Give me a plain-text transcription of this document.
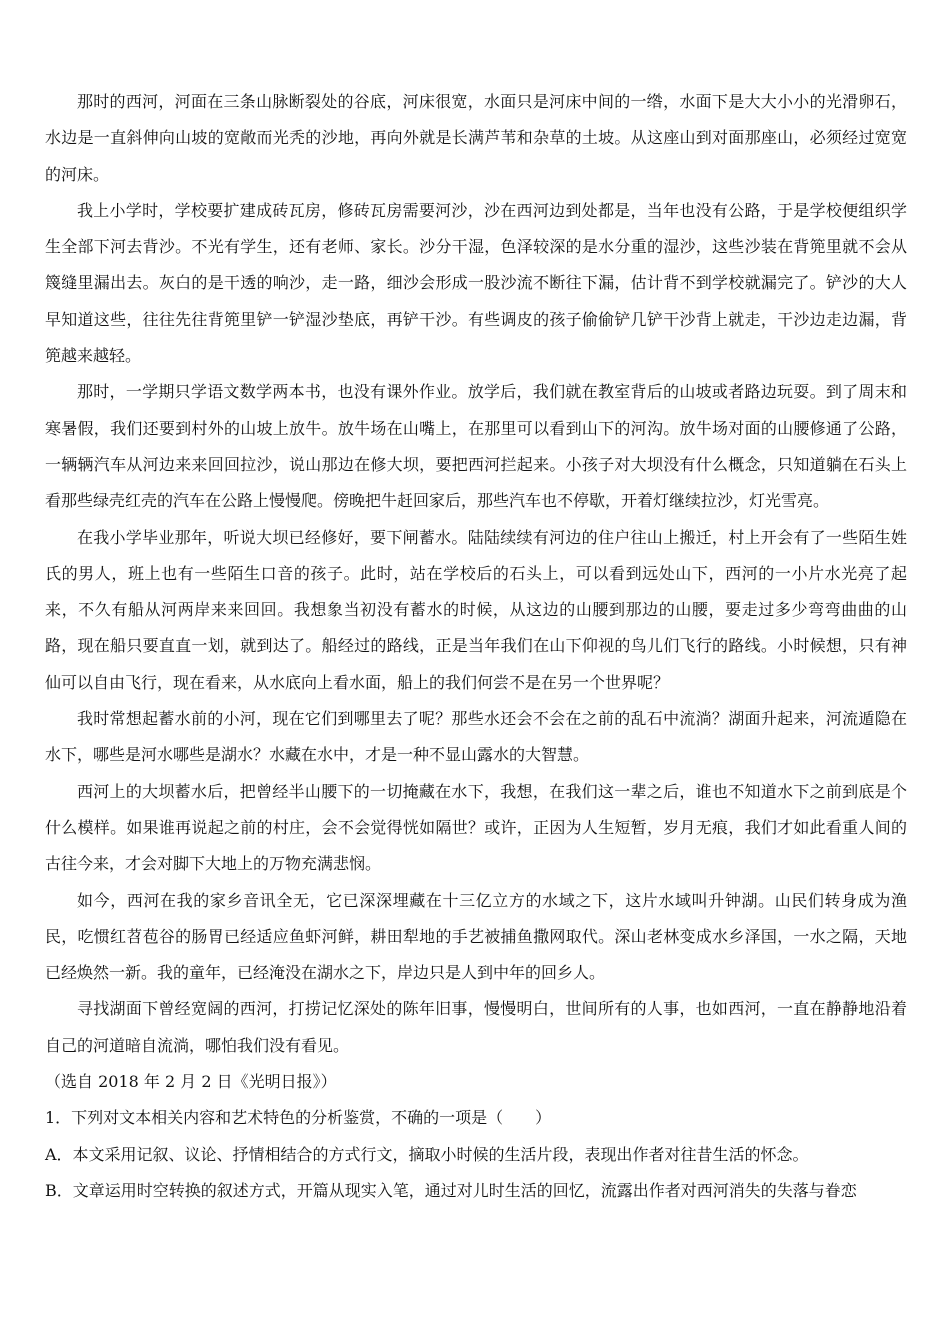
那时的西河，河面在三条山脉断裂处的谷底，河床很宽，水面只是河床中间的一绺，水面下是大大小小的光滑卵石，水边是一直斜伸向山坡的宽敞而光秃的沙地，再向外就是长满芦苇和杂草的土坡。从这座山到对面那座山，必须经过宽宽的河床。

我上小学时，学校要扩建成砖瓦房，修砖瓦房需要河沙，沙在西河边到处都是，当年也没有公路，于是学校便组织学生全部下河去背沙。不光有学生，还有老师、家长。沙分干湿，色泽较深的是水分重的湿沙，这些沙装在背篼里就不会从篾缝里漏出去。灰白的是干透的响沙，走一路，细沙会形成一股沙流不断往下漏，估计背不到学校就漏完了。铲沙的大人早知道这些，往往先往背篼里铲一铲湿沙垫底，再铲干沙。有些调皮的孩子偷偷铲几铲干沙背上就走，干沙边走边漏，背篼越来越轻。

那时，一学期只学语文数学两本书，也没有课外作业。放学后，我们就在教室背后的山坡或者路边玩耍。到了周末和寒暑假，我们还要到村外的山坡上放牛。放牛场在山嘴上，在那里可以看到山下的河沟。放牛场对面的山腰修通了公路，一辆辆汽车从河边来来回回拉沙，说山那边在修大坝，要把西河拦起来。小孩子对大坝没有什么概念，只知道躺在石头上看那些绿壳红壳的汽车在公路上慢慢爬。傍晚把牛赶回家后，那些汽车也不停歇，开着灯继续拉沙，灯光雪亮。

在我小学毕业那年，听说大坝已经修好，要下闸蓄水。陆陆续续有河边的住户往山上搬迁，村上开会有了一些陌生姓氏的男人，班上也有一些陌生口音的孩子。此时，站在学校后的石头上，可以看到远处山下，西河的一小片水光亮了起来，不久有船从河两岸来来回回。我想象当初没有蓄水的时候，从这边的山腰到那边的山腰，要走过多少弯弯曲曲的山路，现在船只要直直一划，就到达了。船经过的路线，正是当年我们在山下仰视的鸟儿们飞行的路线。小时候想，只有神仙可以自由飞行，现在看来，从水底向上看水面，船上的我们何尝不是在另一个世界呢？

我时常想起蓄水前的小河，现在它们到哪里去了呢？那些水还会不会在之前的乱石中流淌？湖面升起来，河流遁隐在水下，哪些是河水哪些是湖水？水藏在水中，才是一种不显山露水的大智慧。

西河上的大坝蓄水后，把曾经半山腰下的一切掩藏在水下，我想，在我们这一辈之后，谁也不知道水下之前到底是个什么模样。如果谁再说起之前的村庄，会不会觉得恍如隔世？或许，正因为人生短暂，岁月无痕，我们才如此看重人间的古往今来，才会对脚下大地上的万物充满悲悯。

如今，西河在我的家乡音讯全无，它已深深埋藏在十三亿立方的水域之下，这片水域叫升钟湖。山民们转身成为渔民，吃惯红苕苞谷的肠胃已经适应鱼虾河鲜，耕田犁地的手艺被捕鱼撒网取代。深山老林变成水乡泽国，一水之隔，天地已经焕然一新。我的童年，已经淹没在湖水之下，岸边只是人到中年的回乡人。

寻找湖面下曾经宽阔的西河，打捞记忆深处的陈年旧事，慢慢明白，世间所有的人事，也如西河，一直在静静地沿着自己的河道暗自流淌，哪怕我们没有看见。

（选自 2018 年 2 月 2 日《光明日报》）

1．下列对文本相关内容和艺术特色的分析鉴赏，不确的一项是（　　）

A．本文采用记叙、议论、抒情相结合的方式行文，摘取小时候的生活片段，表现出作者对往昔生活的怀念。

B．文章运用时空转换的叙述方式，开篇从现实入笔，通过对儿时生活的回忆，流露出作者对西河消失的失落与眷恋
